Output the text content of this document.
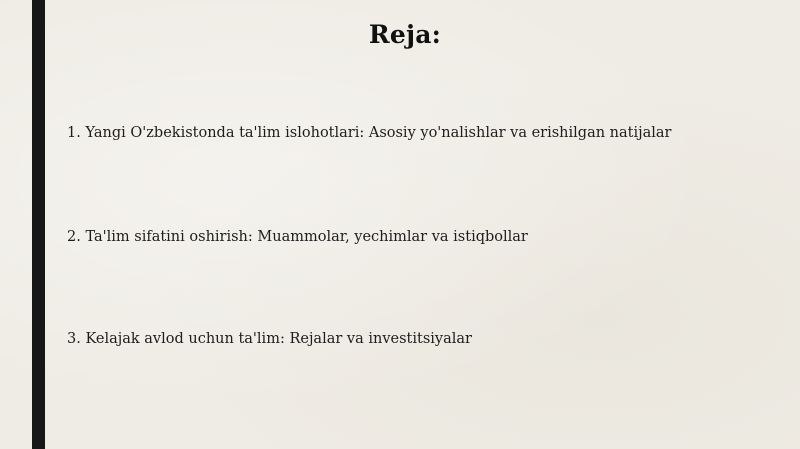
Reja:
1. Yangi O'zbekistonda ta'lim islohotlari: Asosiy yo'nalishlar va erishilgan natijalar
2. Ta'lim sifatini oshirish: Muammolar, yechimlar va istiqbollar
3. Kelajak avlod uchun ta'lim: Rejalar va investitsiyalar
